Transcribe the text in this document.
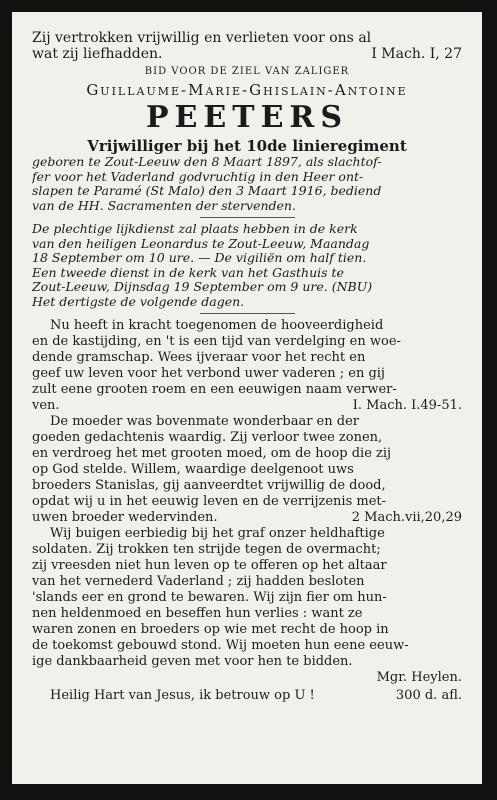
Zij vertrokken vrijwillig en verlieten voor ons al
I Mach. I, 27
wat zij liefhadden.
BID VOOR DE ZIEL VAN ZALIGER
Guillaume-Marie-Ghislain-Antoine
PEETERS
Vrijwilliger bij het 10de linieregiment
geboren te Zout-Leeuw den 8 Maart 1897, als slachtof-
fer voor het Vaderland godvruchtig in den Heer ont-
slapen te Paramé (St Malo) den 3 Maart 1916, bediend
van de HH. Sacramenten der stervenden.
De plechtige lijkdienst zal plaats hebben in de kerk
van den heiligen Leonardus te Zout-Leeuw, Maandag
18 September om 10 ure. — De vigiliën om half tien.
Een tweede dienst in de kerk van het Gasthuis te
Zout-Leeuw, Dijnsdag 19 September om 9 ure. (NBU)
Het dertigste de volgende dagen.
Nu heeft in kracht toegenomen de hooveerdigheid
en de kastijding, en 't is een tijd van verdelging en woe-
dende gramschap. Wees ijveraar voor het recht en
geef uw leven voor het verbond uwer vaderen ; en gij
zult eene grooten roem en een eeuwigen naam verwer-
I. Mach. I.49-51.
ven.
De moeder was bovenmate wonderbaar en der
goeden gedachtenis waardig. Zij verloor twee zonen,
en verdroeg het met grooten moed, om de hoop die zij
op God stelde. Willem, waardige deelgenoot uws
broeders Stanislas, gij aanveerdtet vrijwillig de dood,
opdat wij u in het eeuwig leven en de verrijzenis met-
2 Mach.vii,20,29
uwen broeder wedervinden.
Wij buigen eerbiedig bij het graf onzer heldhaftige
soldaten. Zij trokken ten strijde tegen de overmacht;
zij vreesden niet hun leven op te offeren op het altaar
van het vernederd Vaderland ; zij hadden besloten
'slands eer en grond te bewaren. Wij zijn fier om hun-
nen heldenmoed en beseffen hun verlies : want ze
waren zonen en broeders op wie met recht de hoop in
de toekomst gebouwd stond. Wij moeten hun eene eeuw-
ige dankbaarheid geven met voor hen te bidden.
Mgr. Heylen.
300 d. afl.
Heilig Hart van Jesus, ik betrouw op U !
